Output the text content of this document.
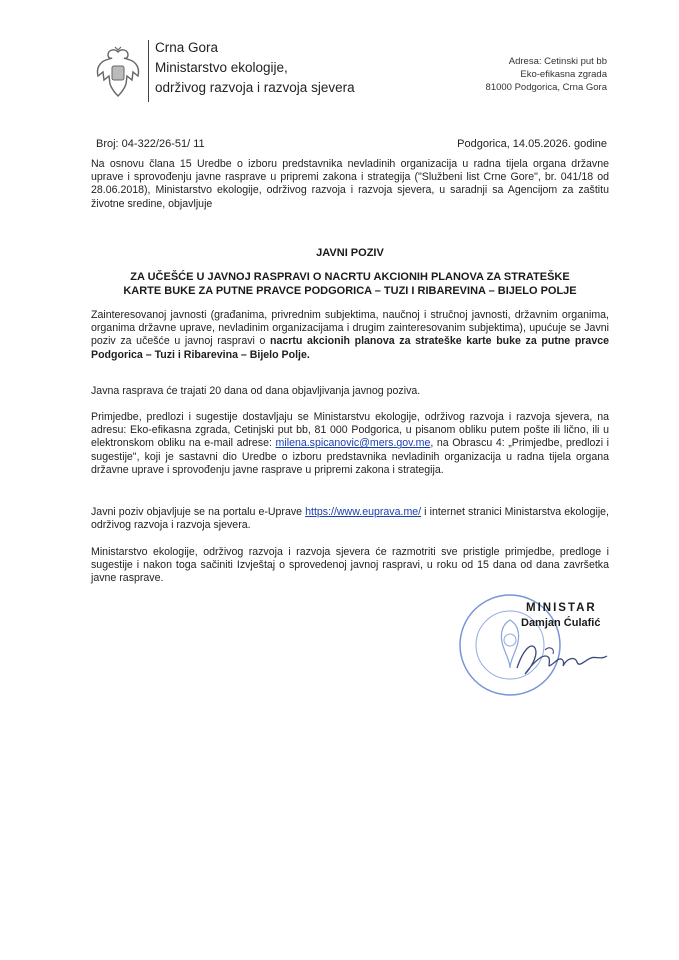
Crna Gora
Ministarstvo ekologije,
održivog razvoja i razvoja sjevera
Adresa: Cetinski put bb
Eko-efikasna zgrada
81000 Podgorica, Crna Gora
Broj: 04-322/26-51/ 11	Podgorica, 14.05.2026. godine
Na osnovu člana 15 Uredbe o izboru predstavnika nevladinih organizacija u radna tijela organa državne uprave i sprovođenju javne rasprave u pripremi zakona i strategija ("Službeni list Crne Gore", br. 041/18 od 28.06.2018), Ministarstvo ekologije, održivog razvoja i razvoja sjevera, u saradnji sa Agencijom za zaštitu životne sredine, objavljuje
JAVNI POZIV
ZA UČEŠĆE U JAVNOJ RASPRAVI O NACRTU AKCIONIH PLANOVA ZA STRATEŠKE
KARTE BUKE ZA PUTNE PRAVCE PODGORICA – TUZI I RIBAREVINA – BIJELO POLJE
Zainteresovanoj javnosti (građanima, privrednim subjektima, naučnoj i stručnoj javnosti, državnim organima, organima državne uprave, nevladinim organizacijama i drugim zainteresovanim subjektima), upućuje se Javni poziv za učešće u javnoj raspravi o nacrtu akcionih planova za strateške karte buke za putne pravce Podgorica – Tuzi i Ribarevina – Bijelo Polje.
Javna rasprava će trajati 20 dana od dana objavljivanja javnog poziva.
Primjedbe, predlozi i sugestije dostavljaju se Ministarstvu ekologije, održivog razvoja i razvoja sjevera, na adresu: Eko-efikasna zgrada, Cetinjski put bb, 81 000 Podgorica, u pisanom obliku putem pošte ili lično, ili u elektronskom obliku na e-mail adrese: milena.spicanovic@mers.gov.me, na Obrascu 4: „Primjedbe, predlozi i sugestije", koji je sastavni dio Uredbe o izboru predstavnika nevladinih organizacija u radna tijela organa državne uprave i sprovođenju javne rasprave u pripremi zakona i strategija.
Javni poziv objavljuje se na portalu e-Uprave https://www.euprava.me/ i internet stranici Ministarstva ekologije, održivog razvoja i razvoja sjevera.
Ministarstvo ekologije, održivog razvoja i razvoja sjevera će razmotriti sve pristigle primjedbe, predloge i sugestije i nakon toga sačiniti Izvještaj o sprovedenoj javnoj raspravi, u roku od 15 dana od dana završetka javne rasprave.
MINISTAR
Damjan Ćulafić
